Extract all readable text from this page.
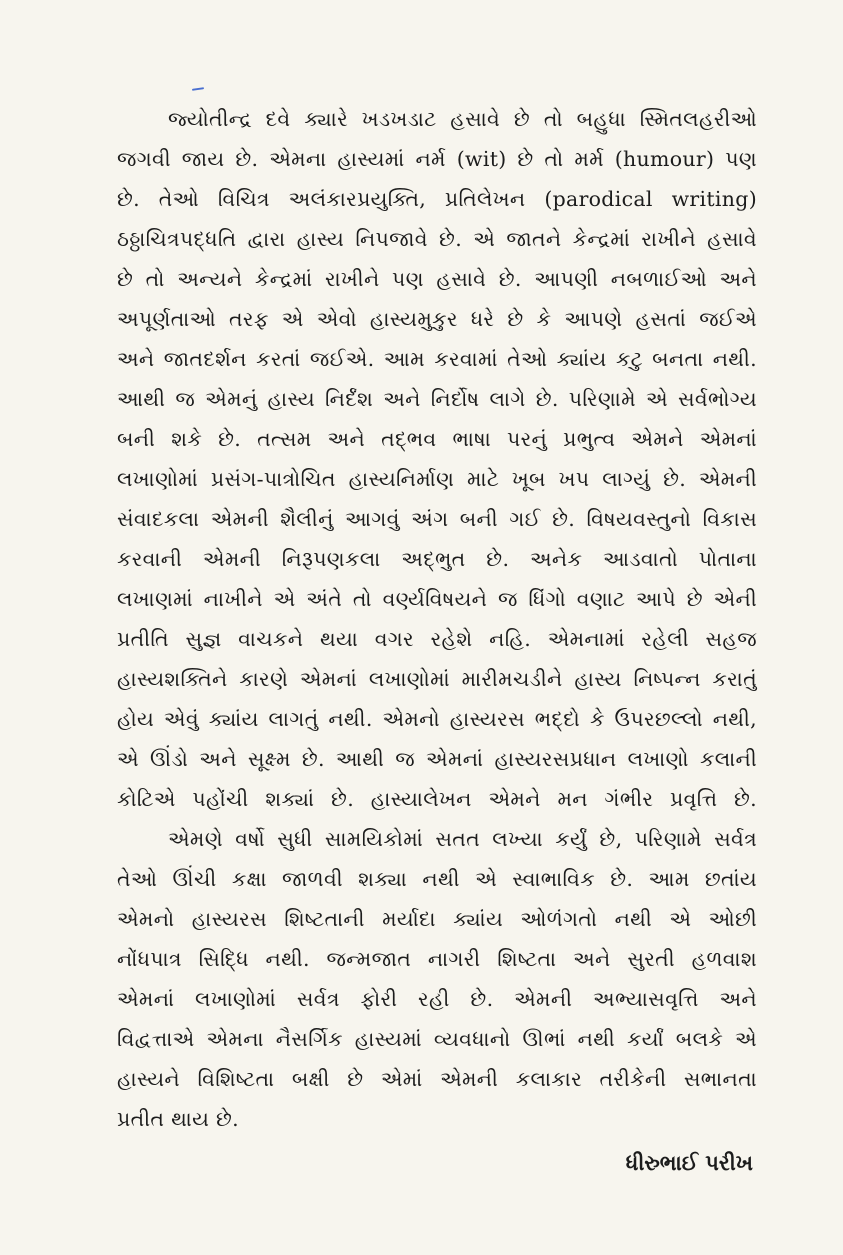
જ્યોતીન્દ્ર દવે ક્યારે ખડખડાટ હસાવે છે તો બહુધા સ્મિતલહરીઓ
જગવી જાય છે. એમના હાસ્યમાં નર્મ (wit) છે તો મર્મ (humour) પણ
છે. તેઓ વિચિત્ર અલંકારપ્રયુક્તિ, પ્રતિલેખન (parodical writing)
ઠઠ્ઠાચિત્રપદ્ધતિ દ્વારા હાસ્ય નિપજાવે છે. એ જાતને કેન્દ્રમાં રાખીને હસાવે
છે તો અન્યને કેન્દ્રમાં રાખીને પણ હસાવે છે. આપણી નબળાઈઓ અને
અપૂર્ણતાઓ તરફ એ એવો હાસ્યમુકુર ધરે છે કે આપણે હસતાં જઈએ
અને જાતદર્શન કરતાં જઈએ. આમ કરવામાં તેઓ ક્યાંય કટુ બનતા નથી.
આથી જ એમનું હાસ્ય નિર્દંશ અને નિર્દોષ લાગે છે. પરિણામે એ સર્વભોગ્ય
બની શકે છે. તત્સમ અને તદ્ભવ ભાષા પરનું પ્રભુત્વ એમને એમનાં
લખાણોમાં પ્રસંગ-પાત્રોચિત હાસ્યનિર્માણ માટે ખૂબ ખપ લાગ્યું છે. એમની
સંવાદકલા એમની શૈલીનું આગવું અંગ બની ગઈ છે. વિષયવસ્તુનો વિકાસ
કરવાની એમની નિરૂપણકલા અદ્ભુત છે. અનેક આડવાતો પોતાના
લખાણમાં નાખીને એ અંતે તો વર્ણ્યવિષયને જ ધિંગો વણાટ આપે છે એની
પ્રતીતિ સુજ્ઞ વાચકને થયા વગર રહેશે નહિ. એમનામાં રહેલી સહજ
હાસ્યશક્તિને કારણે એમનાં લખાણોમાં મારીમચડીને હાસ્ય નિષ્પન્ન કરાતું
હોય એવું ક્યાંય લાગતું નથી. એમનો હાસ્યરસ ભદ્દો કે ઉપરછલ્લો નથી,
એ ઊંડો અને સૂક્ષ્મ છે. આથી જ એમનાં હાસ્યરસપ્રધાન લખાણો કલાની
કોટિએ પહોંચી શક્યાં છે. હાસ્યાલેખન એમને મન ગંભીર પ્રવૃત્તિ છે.
એમણે વર્ષો સુધી સામયિકોમાં સતત લખ્યા કર્યું છે, પરિણામે સર્વત્ર
તેઓ ઊંચી કક્ષા જાળવી શક્યા નથી એ સ્વાભાવિક છે. આમ છતાંય
એમનો હાસ્યરસ શિષ્ટતાની મર્યાદા ક્યાંય ઓળંગતો નથી એ ઓછી
નોંધપાત્ર સિદ્ધિ નથી. જન્મજાત નાગરી શિષ્ટતા અને સુરતી હળવાશ
એમનાં લખાણોમાં સર્વત્ર ફોરી રહી છે. એમની અભ્યાસવૃત્તિ અને
વિદ્વત્તાએ એમના નૈસર્ગિક હાસ્યમાં વ્યવધાનો ઊભાં નથી કર્યાં બલકે એ
હાસ્યને વિશિષ્ટતા બક્ષી છે એમાં એમની કલાકાર તરીકેની સભાનતા
પ્રતીત થાય છે.
ધીરુભાઈ પરીખ
